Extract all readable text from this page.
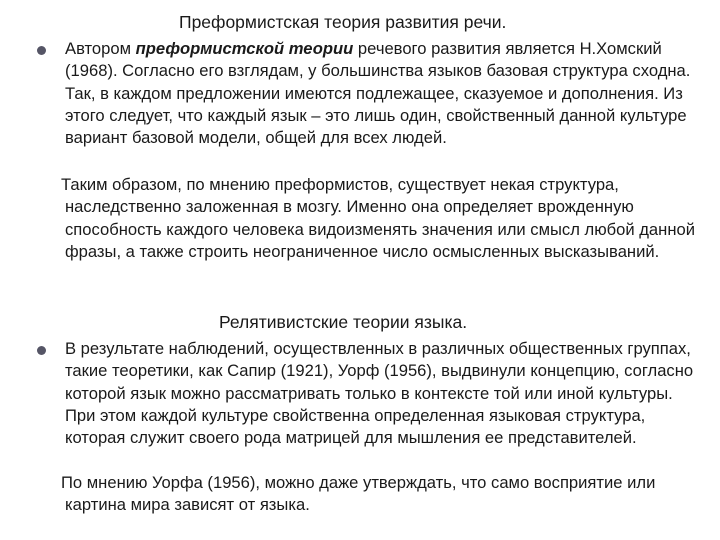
Преформистская теория развития речи.

Автором преформистской теории речевого развития является Н.Хомский (1968). Согласно его взглядам, у большинства языков базовая структура сходна. Так, в каждом предложении имеются подлежащее, сказуемое и дополнения. Из этого следует, что каждый язык – это лишь один, свойственный данной культуре вариант базовой модели, общей для всех людей.

Таким образом, по мнению преформистов, существует некая структура, наследственно заложенная в мозгу. Именно она определяет врожденную способность каждого человека видоизменять значения или смысл любой данной фразы, а также строить неограниченное число осмысленных высказываний.

Релятивистские теории языка.

В результате наблюдений, осуществленных в различных общественных группах, такие теоретики, как Сапир (1921), Уорф (1956), выдвинули концепцию, согласно которой язык можно рассматривать только в контексте той или иной культуры. При этом каждой культуре свойственна определенная языковая структура, которая служит своего рода матрицей для мышления ее представителей.

По мнению Уорфа (1956), можно даже утверждать, что само восприятие или картина мира зависят от языка.
